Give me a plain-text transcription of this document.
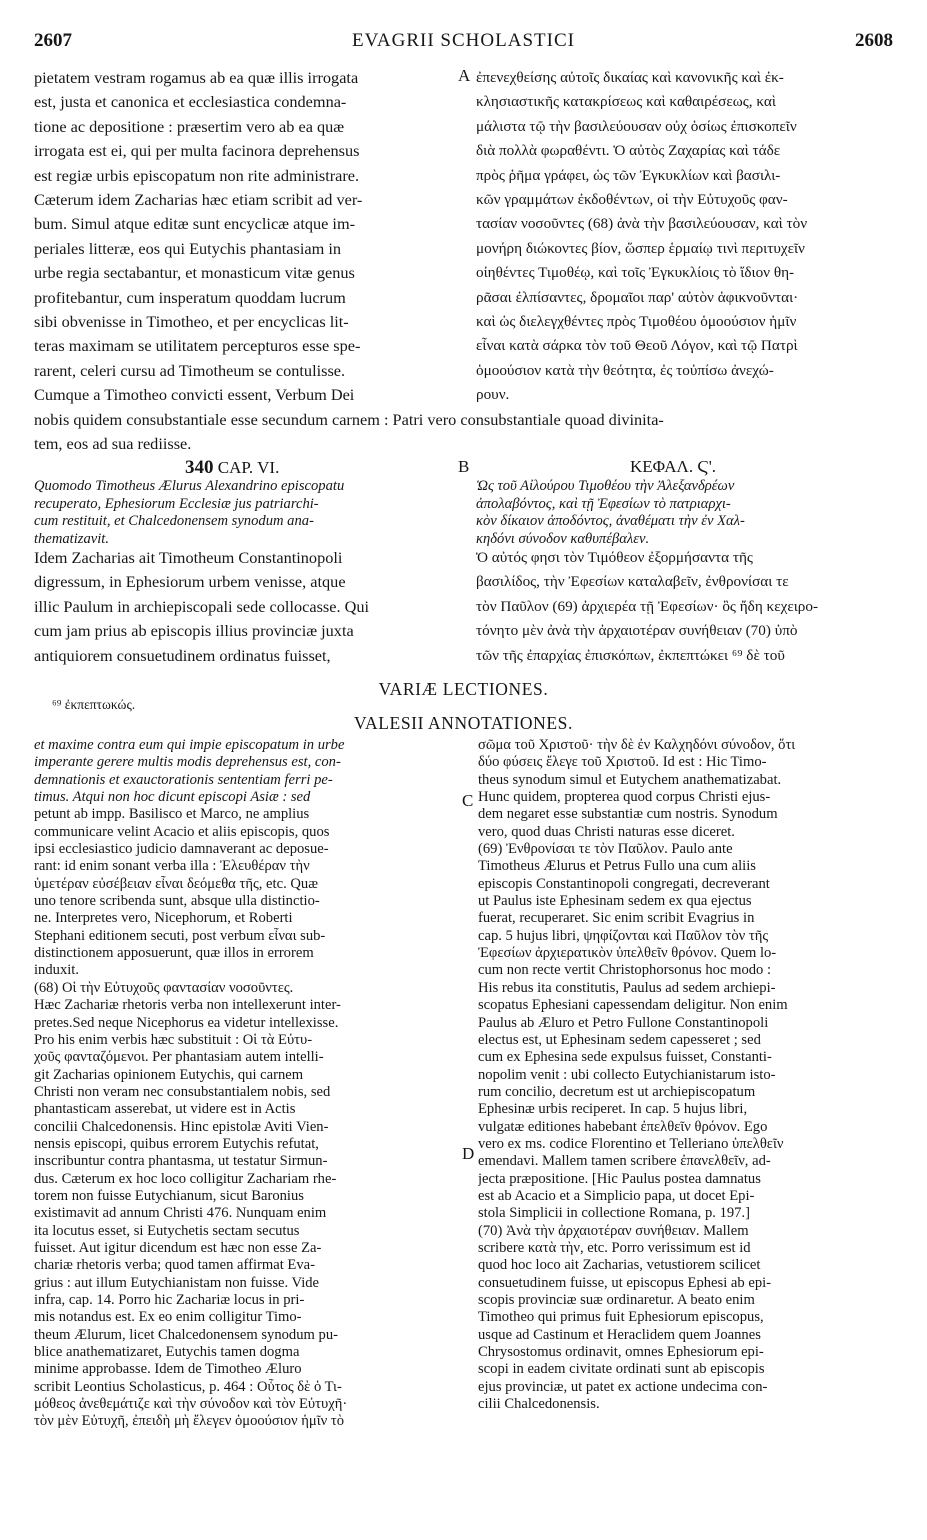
2607	EVAGRII SCHOLASTICI	2608
pietatem vestram rogamus ab ea quæ illis irrogata
est, justa et canonica et ecclesiastica condemna-
tione ac depositione : præsertim vero ab ea quæ
irrogata est ei, qui per multa facinora deprehensus
est regiæ urbis episcopatum non rite administrare.
Cæterum idem Zacharias hæc etiam scribit ad ver-
bum. Simul atque editæ sunt encyclicæ atque im-
periales litteræ, eos qui Eutychis phantasiam in
urbe regia sectabantur, et monasticum vitæ genus
profitebantur, cum insperatum quoddam lucrum
sibi obvenisse in Timotheo, et per encyclicas lit-
teras maximam se utilitatem percepturos esse spe-
rarent, celeri cursu ad Timotheum se contulisse.
Cumque a Timotheo convicti essent, Verbum Dei
A ἐπενεχθείσης αὐτοῖς δικαίας καὶ κανονικῆς καὶ ἐκ-
κλησιαστικῆς κατακρίσεως καὶ καθαιρέσεως, καὶ
μάλιστα τῷ τὴν βασιλεύουσαν οὐχ ὁσίως ἐπισκοπεῖν
διὰ πολλὰ φωραθέντι. Ὁ αὐτὸς Ζαχαρίας καὶ τάδε
πρὸς ῥῆμα γράφει, ὡς τῶν Ἐγκυκλίων καὶ βασιλι-
κῶν γραμμάτων ἐκδοθέντων, οἱ τὴν Εὐτυχοῦς φαν-
τασίαν νοσοῦντες (68) ἀνὰ τὴν βασιλεύουσαν, καὶ τὸν
μονήρη διώκοντες βίον, ὥσπερ ἑρμαίῳ τινὶ περιτυχεῖν
οἰηθέντες Τιμοθέῳ, καὶ τοῖς Ἐγκυκλίοις τὸ ἴδιον θη-
ρᾶσαι ἐλπίσαντες, δρομαῖοι παρ' αὐτὸν ἀφικνοῦνται·
καὶ ὡς διελεγχθέντες πρὸς Τιμοθέου ὁμοούσιον ἡμῖν
εἶναι κατὰ σάρκα τὸν τοῦ Θεοῦ Λόγον, καὶ τῷ Πατρὶ
ὁμοούσιον κατὰ τὴν θεότητα, ἐς τοὐπίσω ἀνεχώ-
ρουν.
nobis quidem consubstantiale esse secundum carnem : Patri vero consubstantiale quoad divinita-
tem, eos ad sua rediisse.
340 CAP. VI.	B	ΚΕΦΑΛ. Ϛ'.
Quomodo Timotheus Ælurus Alexandrino episcopatu
recuperato, Ephesiorum Ecclesiæ jus patriarchi-
cum restituit, et Chalcedonensem synodum ana-
thematizavit.
Ὡς τοῦ Αἰλούρου Τιμοθέου τὴν Ἀλεξανδρέων
ἀπολαβόντος, καὶ τῇ Ἐφεσίων τὸ πατριαρχι-
κὸν δίκαιον ἀποδόντος, ἀναθέματι τὴν ἐν Χαλ-
κηδόνι σύνοδον καθυπέβαλεν.
Idem Zacharias ait Timotheum Constantinopoli
digressum, in Ephesiorum urbem venisse, atque
illic Paulum in archiepiscopali sede collocasse. Qui
cum jam prius ab episcopis illius provinciæ juxta
antiquiorem consuetudinem ordinatus fuisset,
Ὁ αὐτός φησι τὸν Τιμόθεον ἐξορμήσαντα τῆς
βασιλίδος, τὴν Ἐφεσίων καταλαβεῖν, ἐνθρονίσαι τε
τὸν Παῦλον (69) ἀρχιερέα τῇ Ἐφεσίων· ὃς ἤδη κεχειρο-
τόνητο μὲν ἀνὰ τὴν ἀρχαιοτέραν συνήθειαν (70) ὑπὸ
τῶν τῆς ἐπαρχίας ἐπισκόπων, ἐκπεπτώκει ⁶⁹ δὲ τοῦ
VARIÆ LECTIONES.
⁶⁹ ἐκπεπτωκώς.
VALESII ANNOTATIONES.
et maxime contra eum qui impie episcopatum in urbe
imperante gerere multis modis deprehensus est, con-
demnationis et exauctorationis sententiam ferri pe-
timus. Atqui non hoc dicunt episcopi Asiæ : sed
petunt ab impp. Basilisco et Marco, ne amplius
communicare velint Acacio et aliis episcopis, quos
ipsi ecclesiastico judicio damnaverant ac deposue-
rant: id enim sonant verba illa : Ἐλευθέραν τὴν
ὑμετέραν εὐσέβειαν εἶναι δεόμεθα τῆς, etc. Quæ
uno tenore scribenda sunt, absque ulla distinctio-
ne. Interpretes vero, Nicephorum, et Roberti
Stephani editionem secuti, post verbum εἶναι sub-
distinctionem apposuerunt, quæ illos in errorem
induxit.
(68) Οἱ τὴν Εὐτυχοῦς φαντασίαν νοσοῦντες.
Hæc Zachariæ rhetoris verba non intellexerunt inter-
pretes.Sed neque Nicephorus ea videtur intellexisse.
Pro his enim verbis hæc substituit : Οἱ τὰ Εὐτυ-
χοῦς φανταζόμενοι. Per phantasiam autem intelli-
git Zacharias opinionem Eutychis, qui carnem
Christi non veram nec consubstantialem nobis, sed
phantasticam asserebat, ut videre est in Actis
concilii Chalcedonensis. Hinc epistolæ Aviti Vien-
nensis episcopi, quibus errorem Eutychis refutat,
inscribuntur contra phantasma, ut testatur Sirmun-
dus. Cæterum ex hoc loco colligitur Zachariam rhe-
torem non fuisse Eutychianum, sicut Baronius
existimavit ad annum Christi 476. Nunquam enim
ita locutus esset, si Eutychetis sectam secutus
fuisset. Aut igitur dicendum est hæc non esse Za-
chariæ rhetoris verba; quod tamen affirmat Eva-
grius : aut illum Eutychianistam non fuisse. Vide
infra, cap. 14. Porro hic Zachariæ locus in pri-
mis notandus est. Ex eo enim colligitur Timo-
theum Ælurum, licet Chalcedonensem synodum pu-
blice anathematizaret, Eutychis tamen dogma
minime approbasse. Idem de Timotheo Æluro
scribit Leontius Scholasticus, p. 464 : Οὗτος δὲ ὁ Τι-
μόθεος ἀνεθεμάτιζε καὶ τὴν σύνοδον καὶ τὸν Εὐτυχῆ·
τὸν μὲν Εὐτυχῆ, ἐπειδὴ μὴ ἔλεγεν ὁμοούσιον ἡμῖν τὸ
C
D
σῶμα τοῦ Χριστοῦ· τὴν δὲ ἐν Καλχηδόνι σύνοδον, ὅτι
δύο φύσεις ἔλεγε τοῦ Χριστοῦ. Id est : Hic Timo-
theus synodum simul et Eutychem anathematizabat.
Hunc quidem, propterea quod corpus Christi ejus-
dem negaret esse substantiæ cum nostris. Synodum
vero, quod duas Christi naturas esse diceret.
(69) Ἐνθρονίσαι τε τὸν Παῦλον. Paulo ante
Timotheus Ælurus et Petrus Fullo una cum aliis
episcopis Constantinopoli congregati, decreverant
ut Paulus iste Ephesinam sedem ex qua ejectus
fuerat, recuperaret. Sic enim scribit Evagrius in
cap. 5 hujus libri, ψηφίζονται καὶ Παῦλον τὸν τῆς
Ἐφεσίων ἀρχιερατικὸν ὑπελθεῖν θρόνον. Quem lo-
cum non recte vertit Christophorsonus hoc modo :
His rebus ita constitutis, Paulus ad sedem archiepi-
scopatus Ephesiani capessendam deligitur. Non enim
Paulus ab Æluro et Petro Fullone Constantinopoli
electus est, ut Ephesinam sedem capesseret ; sed
cum ex Ephesina sede expulsus fuisset, Constanti-
nopolim venit : ubi collecto Eutychianistarum isto-
rum concilio, decretum est ut archiepiscopatum
Ephesinæ urbis reciperet. In cap. 5 hujus libri,
vulgatæ editiones habebant ἐπελθεῖν θρόνον. Ego
vero ex ms. codice Florentino et Telleriano ὑπελθεῖν
emendavi. Mallem tamen scribere ἐπανελθεῖν, ad-
jecta præpositione. [Hic Paulus postea damnatus
est ab Acacio et a Simplicio papa, ut docet Epi-
stola Simplicii in collectione Romana, p. 197.]
(70) Ἀνὰ τὴν ἀρχαιοτέραν συνήθειαν. Mallem
scribere κατὰ τὴν, etc. Porro verissimum est id
quod hoc loco ait Zacharias, vetustiorem scilicet
consuetudinem fuisse, ut episcopus Ephesi ab epi-
scopis provinciæ suæ ordinaretur. A beato enim
Timotheo qui primus fuit Ephesiorum episcopus,
usque ad Castinum et Heraclidem quem Joannes
Chrysostomus ordinavit, omnes Ephesiorum epi-
scopi in eadem civitate ordinati sunt ab episcopis
ejus provinciæ, ut patet ex actione undecima con-
cilii Chalcedonensis.
